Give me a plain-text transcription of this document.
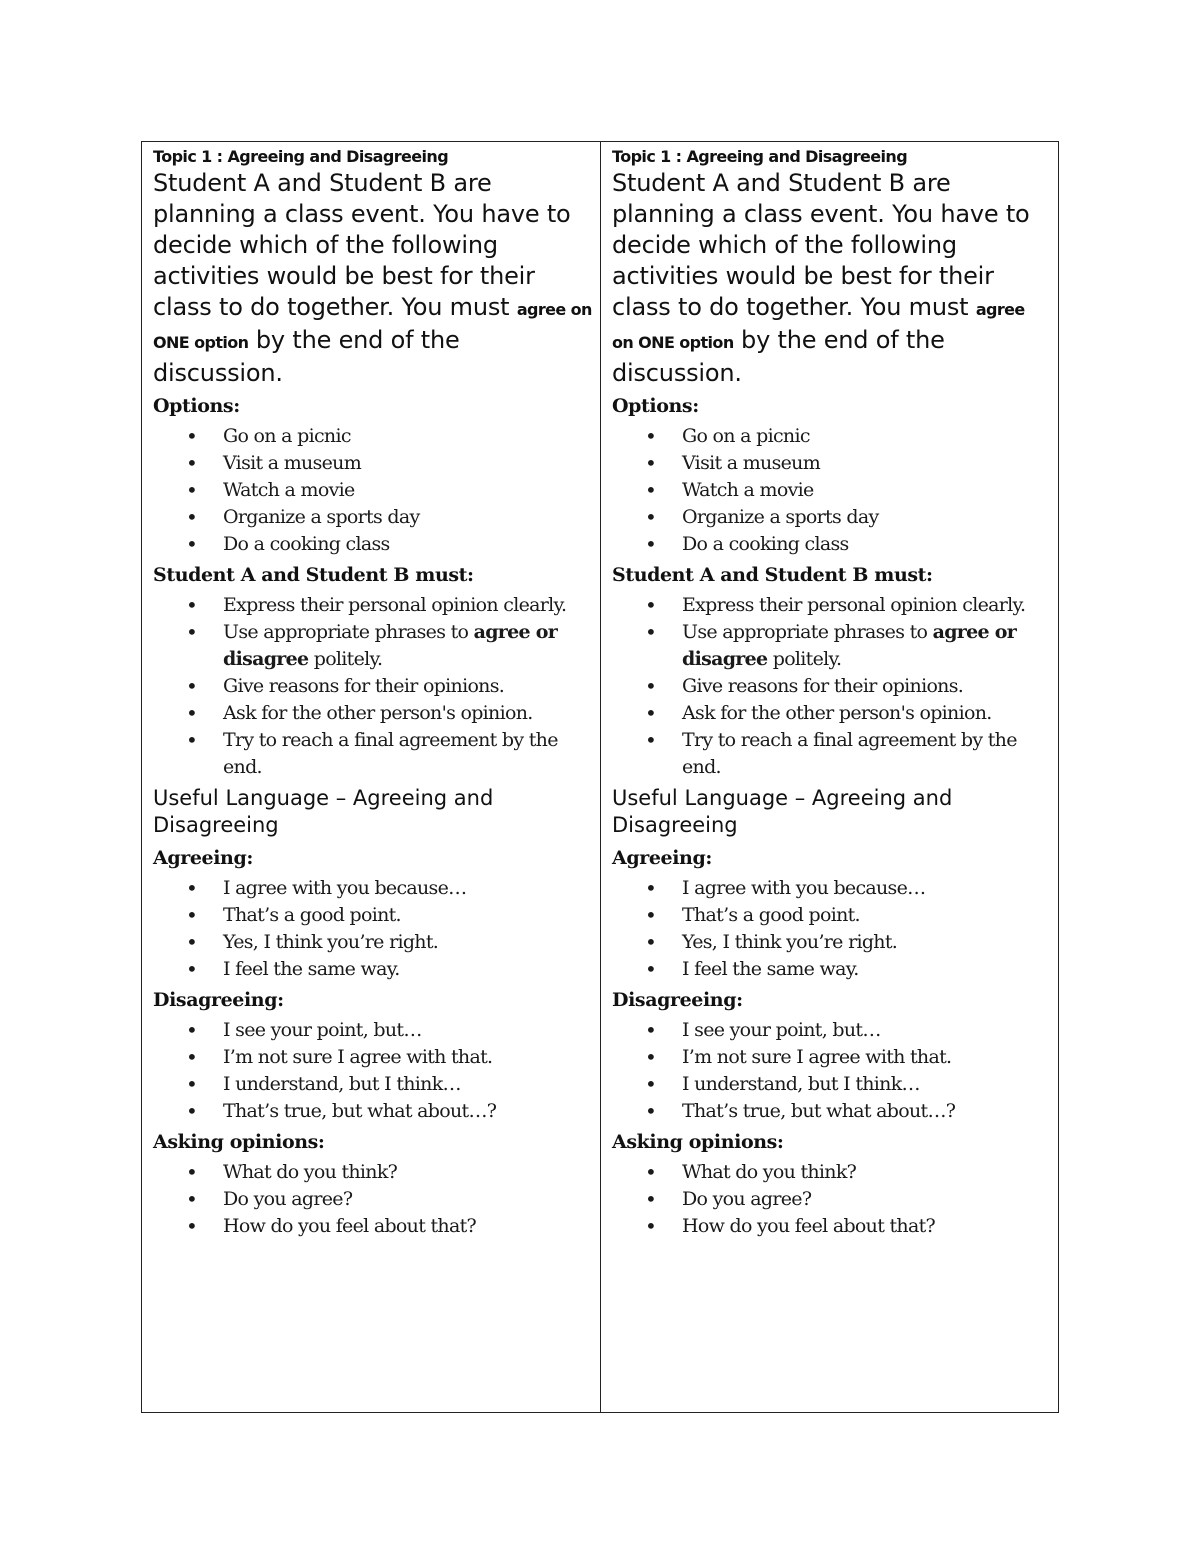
Topic 1 : Agreeing and Disagreeing

Student A and Student B are planning a class event. You have to decide which of the following activities would be best for their class to do together. You must agree on ONE option by the end of the discussion.

Options:

• Go on a picnic
• Visit a museum
• Watch a movie
• Organize a sports day
• Do a cooking class

Student A and Student B must:

• Express their personal opinion clearly.
• Use appropriate phrases to agree or disagree politely.
• Give reasons for their opinions.
• Ask for the other person's opinion.
• Try to reach a final agreement by the end.

Useful Language – Agreeing and Disagreeing

Agreeing:

• I agree with you because…
• That’s a good point.
• Yes, I think you’re right.
• I feel the same way.

Disagreeing:

• I see your point, but…
• I’m not sure I agree with that.
• I understand, but I think…
• That’s true, but what about…?

Asking opinions:

• What do you think?
• Do you agree?
• How do you feel about that?

Topic 1 : Agreeing and Disagreeing

Student A and Student B are planning a class event. You have to decide which of the following activities would be best for their class to do together. You must agree on ONE option by the end of the discussion.

Options:

• Go on a picnic
• Visit a museum
• Watch a movie
• Organize a sports day
• Do a cooking class

Student A and Student B must:

• Express their personal opinion clearly.
• Use appropriate phrases to agree or disagree politely.
• Give reasons for their opinions.
• Ask for the other person's opinion.
• Try to reach a final agreement by the end.

Useful Language – Agreeing and Disagreeing

Agreeing:

• I agree with you because…
• That’s a good point.
• Yes, I think you’re right.
• I feel the same way.

Disagreeing:

• I see your point, but…
• I’m not sure I agree with that.
• I understand, but I think…
• That’s true, but what about…?

Asking opinions:

• What do you think?
• Do you agree?
• How do you feel about that?
